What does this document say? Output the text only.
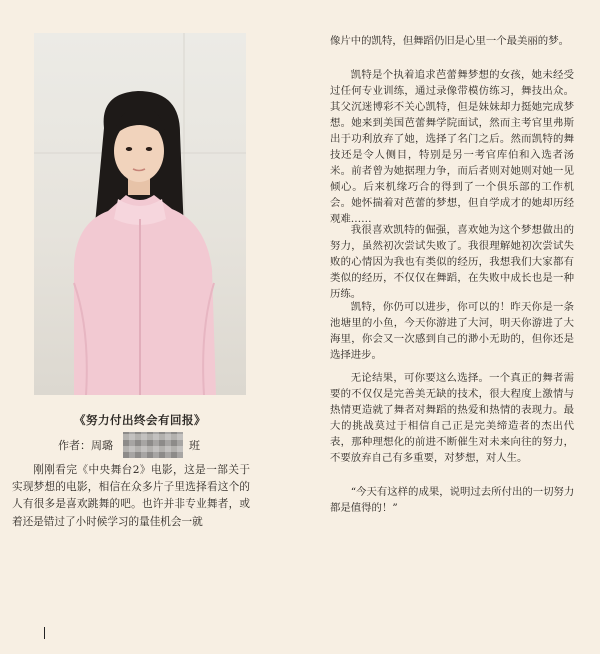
《努力付出终会有回报》
作者：周璐	班
刚刚看完《中央舞台2》电影，这是一部关于实现梦想的电影，相信在众多片子里选择看这个的人有很多是喜欢跳舞的吧。也许并非专业舞者，或着还是错过了小时候学习的量佳机会一就
像片中的凯特，但舞蹈仍旧是心里一个最美丽的梦。
凯特是个执着追求芭蕾舞梦想的女孩，她未经受过任何专业训练，通过录像带模仿练习，舞技出众。其父沉迷博彩不关心凯特，但是妹妹却力挺她完成梦想。她来到美国芭蕾舞学院面试，然而主考官里弗斯出于功利放弃了她，选择了名门之后。然而凯特的舞技还是令人侧目，特别是另一考官库伯和入选者汤米。前者曾为她据理力争，而后者则对她则对她一见倾心。后来机缘巧合的得到了一个俱乐部的工作机会。她怀揣着对芭蕾的梦想，但自学成才的她却历经观难……
我很喜欢凯特的倔强，喜欢她为这个梦想做出的努力，虽然初次尝试失败了。我很理解她初次尝试失败的心情因为我也有类似的经历，我想我们大家都有类似的经历，不仅仅在舞蹈，在失败中成长也是一种历练。
凯特，你仍可以进步，你可以的！昨天你是一条池塘里的小鱼，今天你游进了大河，明天你游进了大海里，你会又一次感到自己的渺小无助的，但你还是选择进步。
无论结果，可你要这么选择。一个真正的舞者需要的不仅仅是完善美无缺的技术，很大程度上激情与热情更造就了舞者对舞蹈的热爱和热情的表现力。最大的挑战莫过于相信自己正是完美缔造者的杰出代表，那种理想化的前进不断催生对未来向往的努力，不要放弃自己有多重要，对梦想，对人生。
“今天有这样的成果，说明过去所付出的一切努力都是值得的！”
